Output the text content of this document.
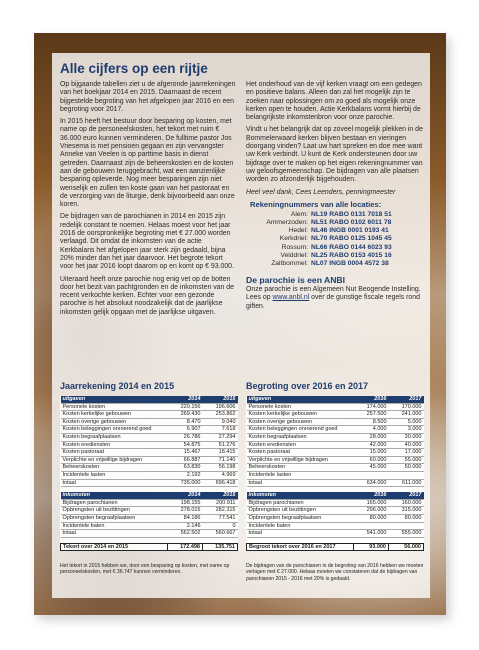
Alle cijfers op een rijtje

Op bijgaande tabellen ziet u de afgeronde jaarrekeningen van het boekjaar 2014 en 2015. Daarnaast de recent bijgestelde begroting van het afgelopen jaar 2016 en een begroting voor 2017.

In 2015 heeft het bestuur door besparing op kosten, met name op de personeelskosten, het tekort met ruim € 36.000 euro kunnen verminderen. De fulltime pastor Jos Vriesema is met pensioen gegaan en zijn vervangster Anneke van Veelen is op parttime basis in dienst getreden. Daarnaast zijn de beheerskosten en de kosten aan de gebouwen teruggebracht, wat een aanzienlijke besparing opleverde. Nog meer besparingen zijn niet wenselijk en zullen ten koste gaan van het pastoraat en de verzorging van de liturgie, denk bijvoorbeeld aan onze koren.

De bijdragen van de parochianen in 2014 en 2015 zijn redelijk constant te noemen. Helaas moest voor het jaar 2016 de oorspronkelijke begroting met € 27.000 worden verlaagd. Dit omdat de inkomsten van de actie Kerkbalans het afgelopen jaar sterk zijn gedaald, bijna 20% minder dan het jaar daarvoor. Het begrote tekort voor het jaar 2016 loopt daarom op en komt op € 93.000.

Uiteraard heeft onze parochie nog enig vet op de botten door het bezit van pachtgronden en de inkomsten van de recent verkochte kerken. Echter voor een gezonde parochie is het absoluut noodzakelijk dat de jaarlijkse inkomsten gelijk opgaan met de jaarlijkse uitgaven.

Het onderhoud van de vijf kerken vraagt om een gedegen en positieve balans. Alleen dan zal het mogelijk zijn te zoeken naar oplossingen om zo goed als mogelijk onze kerken open te houden. Actie Kerkbalans vormt hierbij de belangrijkste inkomstenbron voor onze parochie.

Vindt u het belangrijk dat op zoveel mogelijk plekken in de Bommelerwaard kerken blijven bestaan en vieringen doorgang vinden? Laat uw hart spreken en doe mee want uw Kerk verbindt. U kunt de Kerk ondersteunen door uw bijdrage over te maken op het eigen rekeningnummer van uw geloofsgemeenschap. De bijdragen van alle plaatsen worden zo afzonderlijk bijgehouden.

Heel veel dank, Cees Leenders, penningmeester

Rekeningnummers van alle locaties:
Alem:	NL19 RABO 0131 7018 51
Ammerzoden:	NL51 RABO 0102 6011 78
Hedel:	NL46 INGB 0001 0193 41
Kerkdriel:	NL70 RABO 0125 1045 45
Rossum:	NL66 RABO 0144 6023 93
Velddriel:	NL25 RABO 0153 4015 16
Zaltbommel:	NL07 INGB 0004 4572 38
De parochie is een ANBI

Onze parochie is een Algemeen Nut Beogende Instelling. Lees op www.anbl.nl over de gunstige fiscale regels rond giften.

Jaarrekening 2014 en 2015	Begroting over 2016 en 2017
uitgaven	2014	2015
Personele kosten	220.156	196.606
Kosten kerkelijke gebouwen	269.430	253.862
Kosten overige gebouwen	8.470	9.040
Kosten beleggingen onroerend goed	6.907	7.618
Kosten begraafplaatsen	26.786	27.294
Kosten erediensten	54.875	51.276
Kosten pastoraat	15.467	18.415
Verplichte en vrijwillige bijdragen	66.887	71.140
Beheerskosten	63.830	56.198
Incidentele lasten	2.192	4.969
totaal	735.000	696.418

inkomsten	2014	2015
Bijdragen parochianen	198.155	200.911
Opbrengsten uit bezittingen	278.015	282.315
Opbrengsten begraafplaatsen	84.186	77.541
Incidentele baten	2.146	0
totaal	562.502	560.667

Tekort over 2014 en 2015	172.498	135.751
uitgaven	2016	2017
Personele kosten	174.000	170.000
Kosten kerkelijke gebouwen	257.500	241.000
Kosten overige gebouwen	8.500	5.000
Kosten beleggingen onroerend goed	4.000	3.000
Kosten begraafplaatsen	28.000	30.000
Kosten erediensten	42.000	40.000
Kosten pastoraat	15.000	17.000
Verplichte en vrijwillige bijdragen	60.000	55.000
Beheerskosten	45.000	50.000
Incidentele lasten		
totaal	634.000	611.000

inkomsten	2016	2017
Bijdragen parochianen	165.000	160.000
Opbrengsten uit bezittingen	296.000	315.000
Opbrengsten begraafplaatsen	80.000	80.000
Incidentele baten		
totaal	541.000	555.000

Begroot tekort over 2016 en 2017	93.000	56.000

Het tekort in 2015 hebben we, door een besparing op kosten, met name op personeelskosten, met € 36.747 kunnen verminderen.

De bijdragen van de parochianen in de begroting van 2016 hebben we moeten verlagen met € 27.000. Helaas moeten we constateren dat de bijdragen van parochianen 2015 - 2016 met 20% is gedaald.
